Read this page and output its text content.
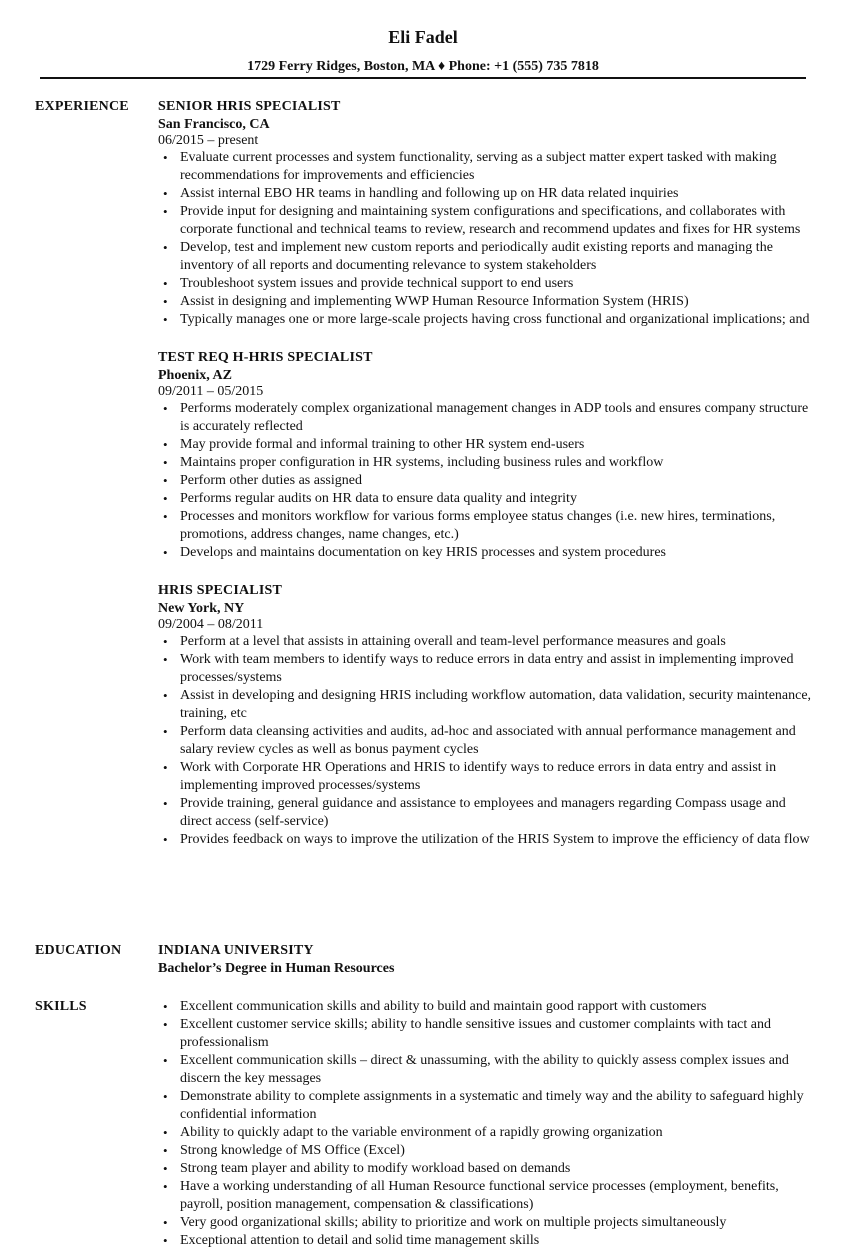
Eli Fadel
1729 Ferry Ridges, Boston, MA ♦ Phone: +1 (555) 735 7818
EXPERIENCE SENIOR HRIS SPECIALIST
San Francisco, CA
06/2015 – present
• Evaluate current processes and system functionality, serving as a subject matter expert tasked with making recommendations for improvements and efficiencies
• Assist internal EBO HR teams in handling and following up on HR data related inquiries
• Provide input for designing and maintaining system configurations and specifications, and collaborates with corporate functional and technical teams to review, research and recommend updates and fixes for HR systems
• Develop, test and implement new custom reports and periodically audit existing reports and managing the inventory of all reports and documenting relevance to system stakeholders
• Troubleshoot system issues and provide technical support to end users
• Assist in designing and implementing WWP Human Resource Information System (HRIS)
• Typically manages one or more large-scale projects having cross functional and organizational implications; and
TEST REQ H-HRIS SPECIALIST
Phoenix, AZ
09/2011 – 05/2015
• Performs moderately complex organizational management changes in ADP tools and ensures company structure is accurately reflected
• May provide formal and informal training to other HR system end-users
• Maintains proper configuration in HR systems, including business rules and workflow
• Perform other duties as assigned
• Performs regular audits on HR data to ensure data quality and integrity
• Processes and monitors workflow for various forms employee status changes (i.e. new hires, terminations, promotions, address changes, name changes, etc.)
• Develops and maintains documentation on key HRIS processes and system procedures
HRIS SPECIALIST
New York, NY
09/2004 – 08/2011
• Perform at a level that assists in attaining overall and team-level performance measures and goals
• Work with team members to identify ways to reduce errors in data entry and assist in implementing improved processes/systems
• Assist in developing and designing HRIS including workflow automation, data validation, security maintenance, training, etc
• Perform data cleansing activities and audits, ad-hoc and associated with annual performance management and salary review cycles as well as bonus payment cycles
• Work with Corporate HR Operations and HRIS to identify ways to reduce errors in data entry and assist in implementing improved processes/systems
• Provide training, general guidance and assistance to employees and managers regarding Compass usage and direct access (self-service)
• Provides feedback on ways to improve the utilization of the HRIS System to improve the efficiency of data flow
EDUCATION	INDIANA UNIVERSITY
Bachelor’s Degree in Human Resources
SKILLS
•	Excellent communication skills and ability to build and maintain good rapport with customers
• Excellent customer service skills; ability to handle sensitive issues and customer complaints with tact and professionalism
• Excellent communication skills – direct & unassuming, with the ability to quickly assess complex issues and discern the key messages
• Demonstrate ability to complete assignments in a systematic and timely way and the ability to safeguard highly confidential information
• Ability to quickly adapt to the variable environment of a rapidly growing organization
• Strong knowledge of MS Office (Excel)
• Strong team player and ability to modify workload based on demands
• Have a working understanding of all Human Resource functional service processes (employment, benefits, payroll, position management, compensation & classifications)
• Very good organizational skills; ability to prioritize and work on multiple projects simultaneously
• Exceptional attention to detail and solid time management skills
